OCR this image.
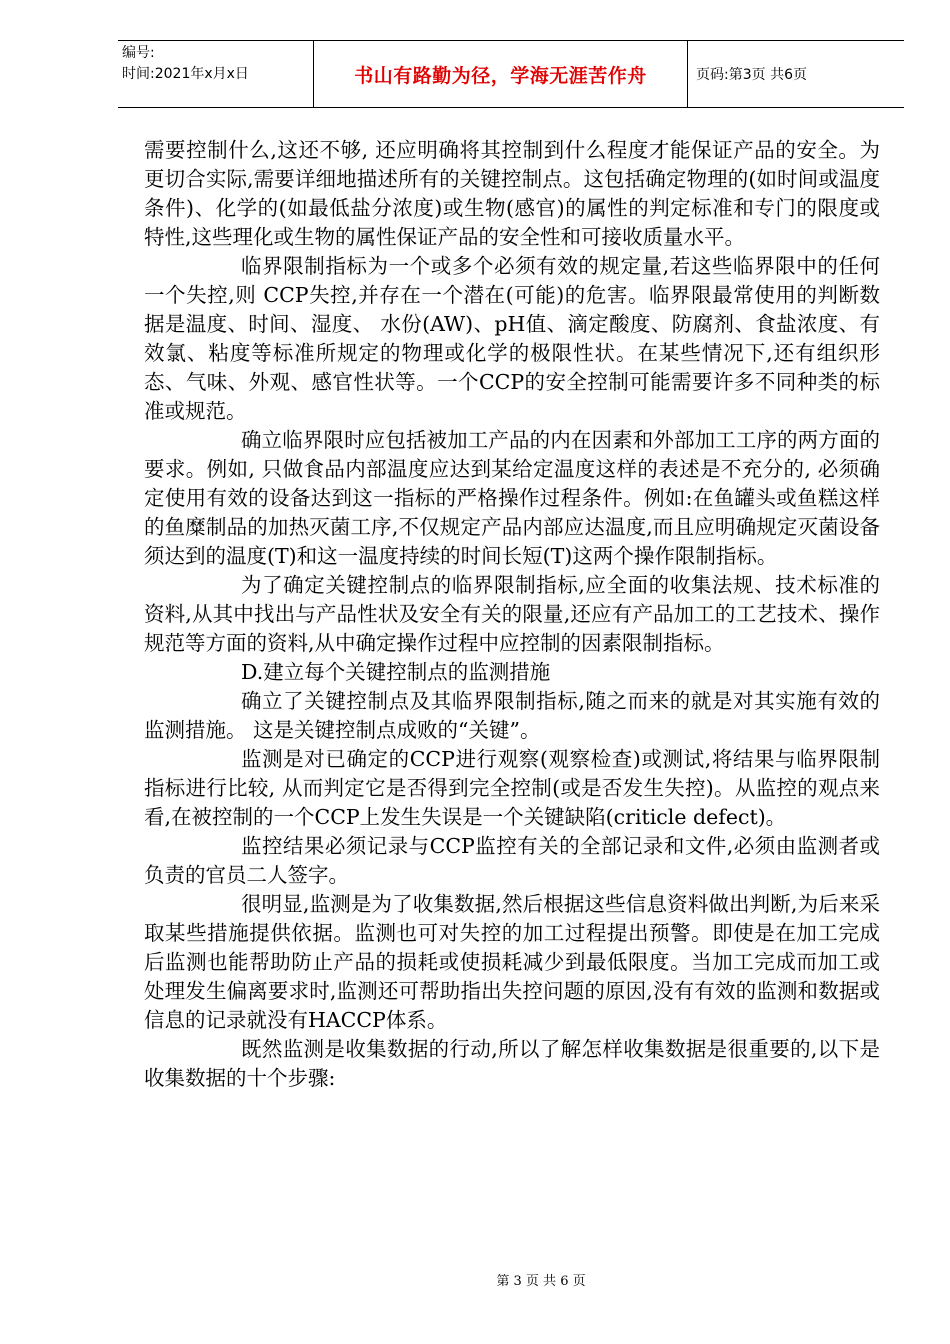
编号:
时间:2021年x月x日	书山有路勤为径，学海无涯苦作舟	页码:第3页 共6页

需要控制什么,这还不够, 还应明确将其控制到什么程度才能保证产品的安全。为更切合实际,需要详细地描述所有的关键控制点。这包括确定物理的(如时间或温度条件)、化学的(如最低盐分浓度)或生物(感官)的属性的判定标准和专门的限度或特性,这些理化或生物的属性保证产品的安全性和可接收质量水平。

临界限制指标为一个或多个必须有效的规定量,若这些临界限中的任何一个失控,则 CCP失控,并存在一个潜在(可能)的危害。临界限最常使用的判断数据是温度、时间、湿度、 水份(AW)、pH值、滴定酸度、防腐剂、食盐浓度、有效氯、粘度等标准所规定的物理或化学的极限性状。在某些情况下,还有组织形态、气味、外观、感官性状等。一个CCP的安全控制可能需要许多不同种类的标准或规范。

确立临界限时应包括被加工产品的内在因素和外部加工工序的两方面的要求。例如, 只做食品内部温度应达到某给定温度这样的表述是不充分的, 必须确定使用有效的设备达到这一指标的严格操作过程条件。例如:在鱼罐头或鱼糕这样的鱼糜制品的加热灭菌工序,不仅规定产品内部应达温度,而且应明确规定灭菌设备须达到的温度(T)和这一温度持续的时间长短(T)这两个操作限制指标。

为了确定关键控制点的临界限制指标,应全面的收集法规、技术标准的资料,从其中找出与产品性状及安全有关的限量,还应有产品加工的工艺技术、操作规范等方面的资料,从中确定操作过程中应控制的因素限制指标。

D.建立每个关键控制点的监测措施

确立了关键控制点及其临界限制指标,随之而来的就是对其实施有效的监测措施。 这是关键控制点成败的“关键”。

监测是对已确定的CCP进行观察(观察检查)或测试,将结果与临界限制指标进行比较, 从而判定它是否得到完全控制(或是否发生失控)。从监控的观点来看,在被控制的一个CCP上发生失误是一个关键缺陷(criticle defect)。

监控结果必须记录与CCP监控有关的全部记录和文件,必须由监测者或负责的官员二人签字。

很明显,监测是为了收集数据,然后根据这些信息资料做出判断,为后来采取某些措施提供依据。监测也可对失控的加工过程提出预警。即使是在加工完成后监测也能帮助防止产品的损耗或使损耗减少到最低限度。当加工完成而加工或处理发生偏离要求时,监测还可帮助指出失控问题的原因,没有有效的监测和数据或信息的记录就没有HACCP体系。

既然监测是收集数据的行动,所以了解怎样收集数据是很重要的,以下是收集数据的十个步骤:

第 3 页 共 6 页
